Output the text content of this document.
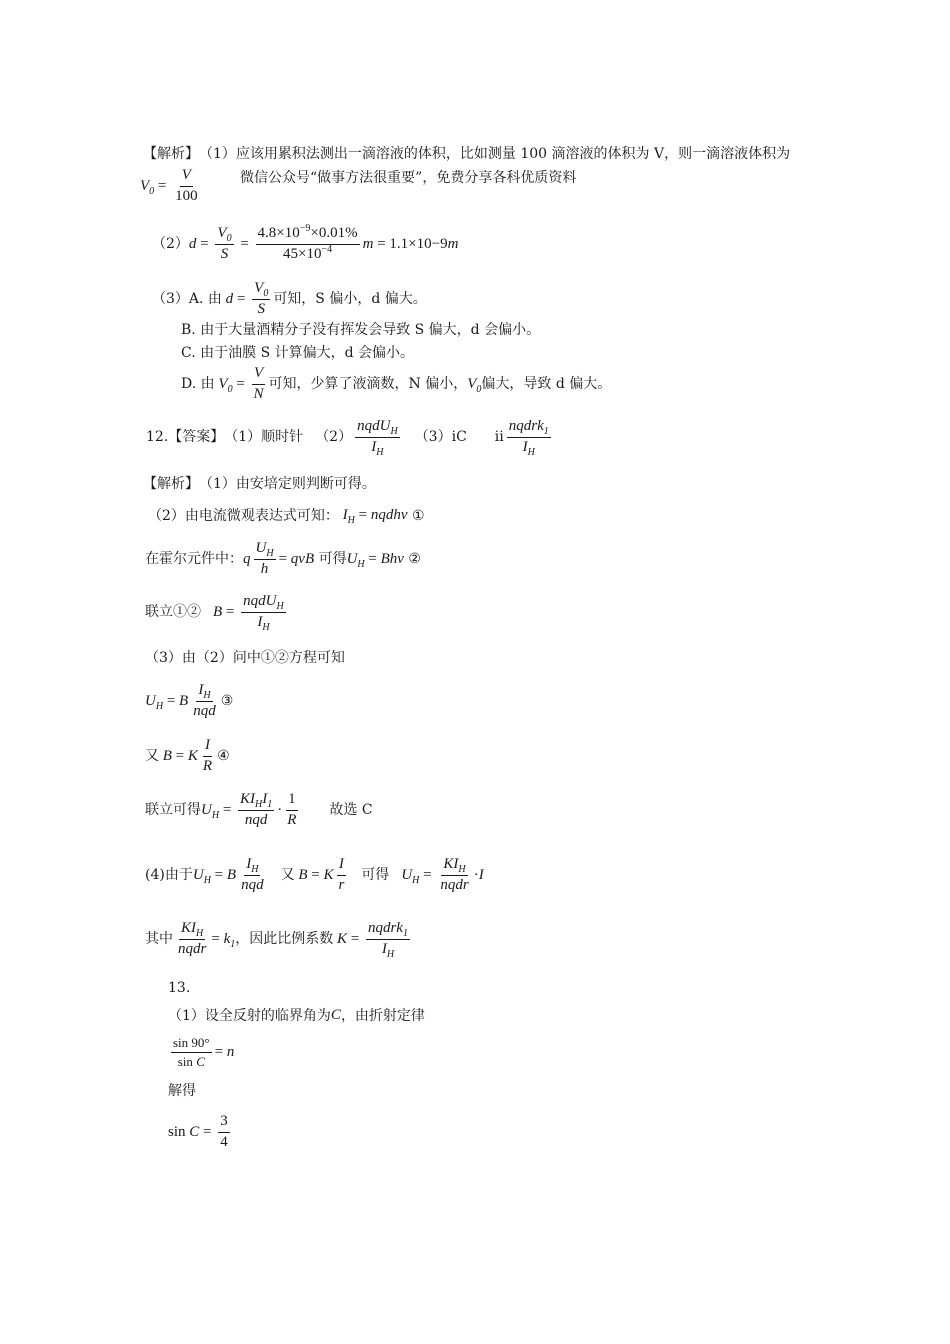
【解析】 （1）应该用累积法测出一滴溶液的体积，比如测量 100 滴溶液的体积为 V，则一滴溶液体积为
$V_0 = \frac{V}{100}$	微信公众号“做事方法很重要”，免费分享各科优质资料
（2） $d = \frac{V_0}{S} = \frac{4.8\times 10^{-9}\times 0.01\%}{45\times 10^{-4}}$ m = 1.1×10 −9 m
（3）A. 由 $d = \frac{V_0}{S}$ 可知，S 偏小，d 偏大。
B. 由于大量酒精分子没有挥发会导致 S 偏大，d 会偏小。
C. 由于油膜 S 计算偏大，d 会偏小。
D. 由 $V_0 = \frac{V}{N}$ 可知，少算了液滴数，N 偏小， $V_0$ 偏大，导致 d 偏大。
12. 【答案】 （1）顺时针 $(2) \frac{nqdU_H}{I_H} (3)iC$ ii $\frac{nqdrk_1}{I_H}$
【解析】 （1）由安培定则判断可得。
（2）由电流微观表达式可知： $I_H$ = nqdhv
①
在霍尔元件中： q $\frac{U_H}{h}$ = qvB
可得 $U_H$ = Bhv
②
联立①② $B = \frac{nqdU_H}{I_H}$
（3）由（2）问中①②方程可知
$U_H = B \frac{I_H}{\text{nqd}}$ ③
又 B = K $\frac{I}{R}$ ④
联立可得 $U_H = \frac{KI_HI_1}{\text{nqd}} \cdot \frac{1}{R}$ 故选 C
(4)由于 $U_H = B \frac{I_H}{\text{nqd}}$ 又 B = K $\frac{I}{r}$ 可得 $U_H = \frac{KI_H}{\text{nqdr}} \cdot I$
其中 $\frac{KI_H}{\text{nqdr}} = k_1$ ，因此比例系数 $K = \frac{nqdrk_1}{I_H}$
13.
（1）设全反射的临界角为 C ，由折射定律
$\frac{\sin 90^\circ}{\text{sin C}} = n$
解得
$\sin C = \frac{3}{4}$
